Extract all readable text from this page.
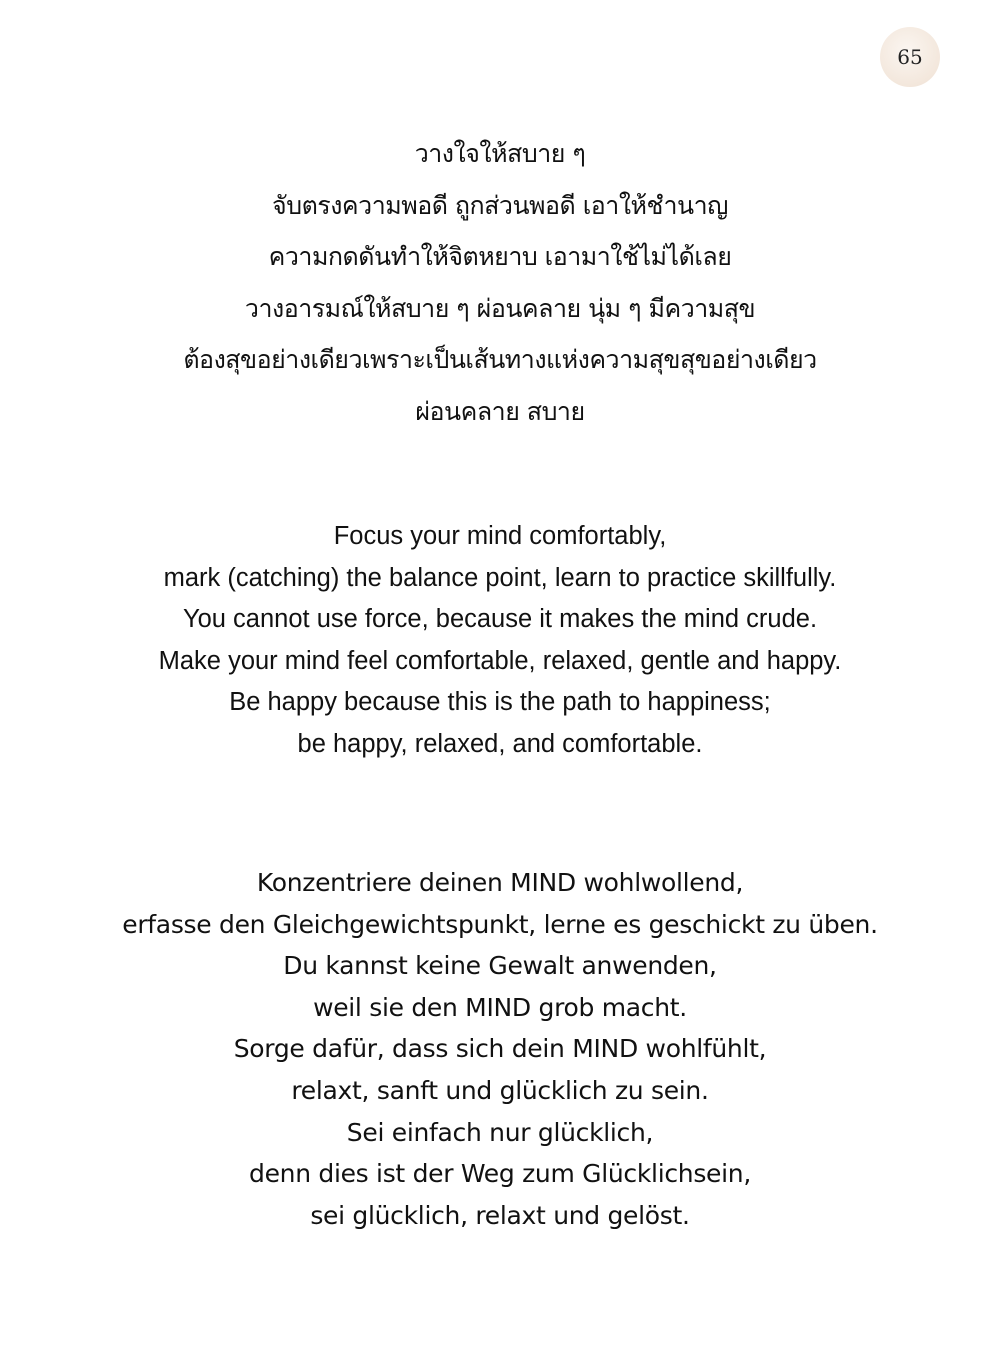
65
วางใจให้สบาย ๆ
จับตรงความพอดี ถูกส่วนพอดี เอาให้ชำนาญ
ความกดดันทำให้จิตหยาบ เอามาใช้ไม่ได้เลย
วางอารมณ์ให้สบาย ๆ ผ่อนคลาย นุ่ม ๆ มีความสุข
ต้องสุขอย่างเดียวเพราะเป็นเส้นทางแห่งความสุขสุขอย่างเดียว
ผ่อนคลาย สบาย
Focus your mind comfortably,
mark (catching) the balance point, learn to practice skillfully.
You cannot use force, because it makes the mind crude.
Make your mind feel comfortable, relaxed, gentle and happy.
Be happy because this is the path to happiness;
be happy, relaxed, and comfortable.
Konzentriere deinen MIND wohlwollend,
erfasse den Gleichgewichtspunkt, lerne es geschickt zu üben.
Du kannst keine Gewalt anwenden,
weil sie den MIND grob macht.
Sorge dafür, dass sich dein MIND wohlfühlt,
relaxt, sanft und glücklich zu sein.
Sei einfach nur glücklich,
denn dies ist der Weg zum Glücklichsein,
sei glücklich, relaxt und gelöst.
